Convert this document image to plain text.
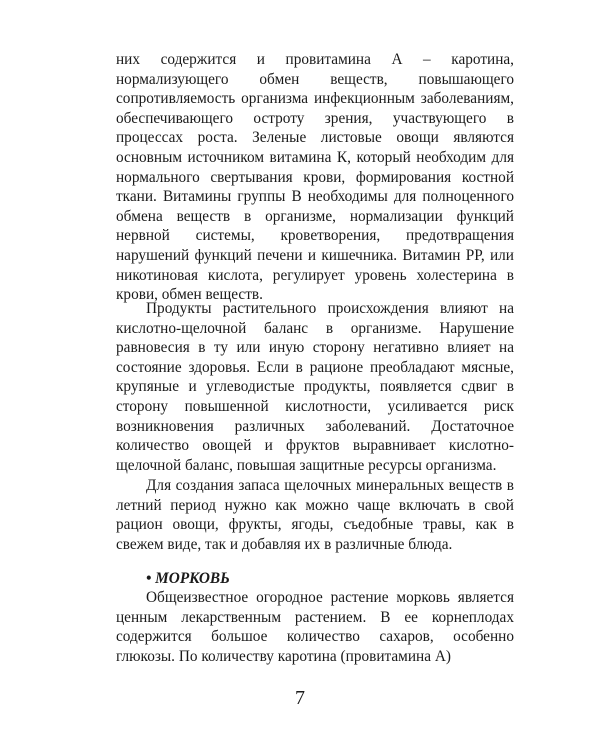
них содержится и провитамина А – каротина, нормализующего обмен веществ, повышающего сопротивляемость организма инфекционным заболеваниям, обеспечивающего остроту зрения, участвующего в процессах роста. Зеленые листовые овощи являются основным источником витамина К, который необходим для нормального свертывания крови, формирования костной ткани. Витамины группы В необходимы для полноценного обмена веществ в организме, нормализации функций нервной системы, кроветворения, предотвращения нарушений функций печени и кишечника. Витамин РР, или никотиновая кислота, регулирует уровень холестерина в крови, обмен веществ.

Продукты растительного происхождения влияют на кислотно-щелочной баланс в организме. Нарушение равновесия в ту или иную сторону негативно влияет на состояние здоровья. Если в рационе преобладают мясные, крупяные и углеводистые продукты, появляется сдвиг в сторону повышенной кислотности, усиливается риск возникновения различных заболеваний. Достаточное количество овощей и фруктов выравнивает кислотно-щелочной баланс, повышая защитные ресурсы организма.

Для создания запаса щелочных минеральных веществ в летний период нужно как можно чаще включать в свой рацион овощи, фрукты, ягоды, съедобные травы, как в свежем виде, так и добавляя их в различные блюда.

• МОРКОВЬ

Общеизвестное огородное растение морковь является ценным лекарственным растением. В ее корнеплодах содержится большое количество сахаров, особенно глюкозы. По количеству каротина (провитамина А)

7
